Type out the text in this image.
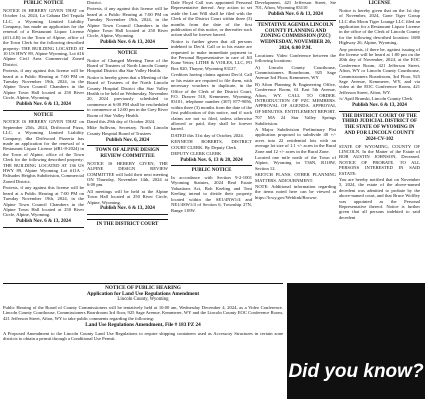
PUBLIC NOTICE

NOTICE IS HEREBY GIVEN THAT on October 1st, 2024, La Cabana Del Tequila LLC, a Wyoming Limited Liability Company, has made an application for the renewal of a Restaurant Liquor License (#11.4.R) in the Town of Alpine, office of the Town Clerk for the following described property: THE BUILDING LOCATED AT 10 US HWY 89, Alpine Wyoming, Lot #16 Alpine Civil Area Commercial Zoned District.

Protests, if any against this license will be heard at a Public Hearing at 7:00 PM on Tuesday November 19th, 2024, in the Alpine Town Council Chambers in the Alpine Town Hall located at 250 River Circle, Alpine, Wyoming.

Publish Nov. 6 & 13, 2024
NOTICE

NOTICE IS HEREBY GIVEN THAT on September 25th, 2024, Driftwood Pizza, LLC, a Wyoming Limited Liability Company, dba Driftwood Pizzeria has made an application for the renewal of a Restaurant Liquor License (#R1-8-2024) in the Town of Alpine, office of the Town Clerk for the following described property: THE BUILDING LOCATED AT 136 US HWY 89, Alpine Wyoming Lot #11A - Palisades Heights Subdivision, Commercial Zoned District.

Protests, if any against this license will be heard at a Public Hearing at 7:00 PM on Tuesday November 19th, 2024, in the Alpine Town Council Chambers in the Alpine Town Hall located at 250 River Circle, Alpine, Wyoming.

Publish Nov. 6 & 13, 2024

District.

Protests, if any against this license will be heard at a Public Hearing at 7:00 PM on Tuesday November 19th, 2024, in the Alpine Town Council Chambers in the Alpine Town Hall located at 250 River Circle, Alpine, Wyoming.

Publish Nov. 6 & 13, 2024
NOTICE

Notice of Changed Meeting Time of the Board of Trustees of North Lincoln County Hospital District dba Star Valley Health.

Notice is hereby given that a Meeting of the Board of Trustees of the North Lincoln County Hospital District dba Star Valley Health to be held on Wednesday, November 20, 2024 previously scheduled to commence at 6:00 PM shall be rescheduled to commence at 12:00 pm in the Grey River Room of Star Valley Health.

Dated this 29th day of October 2024.

Mike Sullivan, Secretary. North Lincoln County Hospital Board of Trustees

Publish Nov. 6, 2024
TOWN OF ALPINE DESIGN REVIEW COMMITTEE

NOTICE IS HEREBY GIVEN, THE ALPINE DESIGN REVIEW COMMITTEE will hold their next meeting ON Thursday, November 14th, 2024 at 6:00 pm.

All meetings will be held at the Alpine Town Hall located at 250 River Circle, Alpine, Wyoming.

Publish Nov. 6 & 13, 2024
IN THE DISTRICT COURT

Dale Floyd Call was appointed Personal Representative thereof. Any action to set aside the Last Will shall be filed with the Clerk of the District Court within three (3) months from the date of the first publication of this notice, or thereafter such action shall be forever barred.

Notice is further given that all persons indebted to Dec'd. Call or to his estate are requested to make immediate payment to the Personal Representative in care of Jill Kunz Vetter, LITHE & VOILES, LLC, PO Box 820, Thayne, Wyoming 83127.

Creditors having claims against Dec'd. Call or his estate are required to file them, with necessary vouchers in duplicate, in the Office of the Clerk of the District Court, P.O. Drawer 510, Kemmerer, Wyoming, 83101, telephone number (307) 877-9056, within three (3) months from the date of the first publication of this notice, and if such claims are not so filed, unless otherwise allowed or paid, they shall be forever barred.

DATED this 31st day of October, 2024.

KENNETH ROBERTS, DISTRICT COURT CLERK. By Deputy Clerk

DEPUTY CLERK CLERK

Publish Nov. 6, 13 & 20, 2024
PUBLIC NOTICE

In accordance with Section 9-2-1001 Wyoming Statutes, 2024 Real Estate Valuations Act, Bob Keeling and Toni Keeling intend to divide their property located within the SE1/4NW1/4 and NE1/4SW1/4 of Section 6, Township 27N, Range 118W.

Development, 421 Jefferson Street, Ste 701, Afton, Wyoming 83110

Publish Nov. 6 & 13, 2024
TENTATIVE AGENDA LINCOLN COUNTY PLANNING AND ZONING COMMISSION (PZC) WEDNESDAY, NOVEMBER 20, 2024, 6:00 P.M.

Locations: Video Conference between the following locations:

A) Lincoln County Courthouse, Commissioners Boardroom, 925 Sage Avenue 3rd Floor, Kemmerer, WY

B) Afton Planning & Engineering Office, Conference Room, 61 East 5th Avenue, Afton, WY. CALL TO ORDER. INTRODUCTION OF PZC MEMBERS. APPROVAL OF AGENDA. APPROVAL OF MINUTES. ENTITLEMENT REPORT.

707 MA 24 Star Valley Springs Subdivision.

A Major Subdivision Preliminary Plat application proposed to subdivide 40 +/- acres into 22 residential lots with an average lot size of 1.1 +/- acres in the Rural Zone and 12 +/- acres in the Rural Zone.

Located one mile north of the Town of Alpine, Wyoming in T36N, R118W, Section 12.

SKETCH PLANS. OTHER PLANNING MATTERS. ADJOURNMENT.

NOTE: Additional information regarding the items noted here can be viewed at https://lcwy.gov/Weblink/Browse.

LICENSE

Notice is hereby given that on the 1st day of November, 2024, Gone Tiger Group LLC dba Moon Tiger Lounge LLC filed an application for a Restaurant Liquor License in the office of the Clerk of Lincoln County for the following described location: 1680 Highway 26, Alpine, Wyoming.

Any protests, if there be, against issuing of the license will be heard at 1:00 pm on the 20th day of November, 2024, at the EOC Conference Room, 421 Jefferson Street, Afton, WY or Lincoln County Courthouse, Commissioners Boardroom, 3rd Floor, 925 Sage Avenue, Kemmerer, WY, and via video at the EOC Conference Room, 421 Jefferson Street, Afton, WY.

/s/ April Brunski, Lincoln County Clerk

Publish Nov. 6 & 13, 2024
THE DISTRICT COURT OF THE THIRD JUDICIAL DISTRICT OF THE STATE OF WYOMING IN AND FOR LINCOLN COUNTY 2024-CV-102

STATE OF WYOMING, COUNTY OF LINCOLN. In the Matter of the Estate of BOB AUSTIN JOHNSON, Deceased. NOTICE OF PROBATE. TO ALL PERSONS INTERESTED IN SAID ESTATE:

You are hereby notified that on November 5, 2024, the estate of the above-named decedent was admitted to probate by the above-named court, and that Bruce Wolfley was appointed as the Personal Representative thereof. Notice is further given that all persons indebted to said decedent

NOTICE OF PUBLIC HEARING
Application for Land Use Regulations Amendment
Lincoln County, Wyoming

Public Hearing of the Board of County Commissioners will be tentatively held at 10:00 am, Wednesday December 4, 2024, as a Video Conference. Lincoln County Courthouse, Commissioners Boardroom 3rd floor, 925 Sage Avenue, Kemmerer, WY and the Lincoln County EOC Conference Room, 421 Jefferson Street, Afton, WY to take public comments regarding the following:

Land Use Regulations Amendment, File # 183 PZ 24

A Proposed Amendment to the Lincoln County Land Use Regulations to require shipping containers used as Accessory Structures in certain zone districts to obtain a permit through a Conditional Use Permit.

Did you know?
